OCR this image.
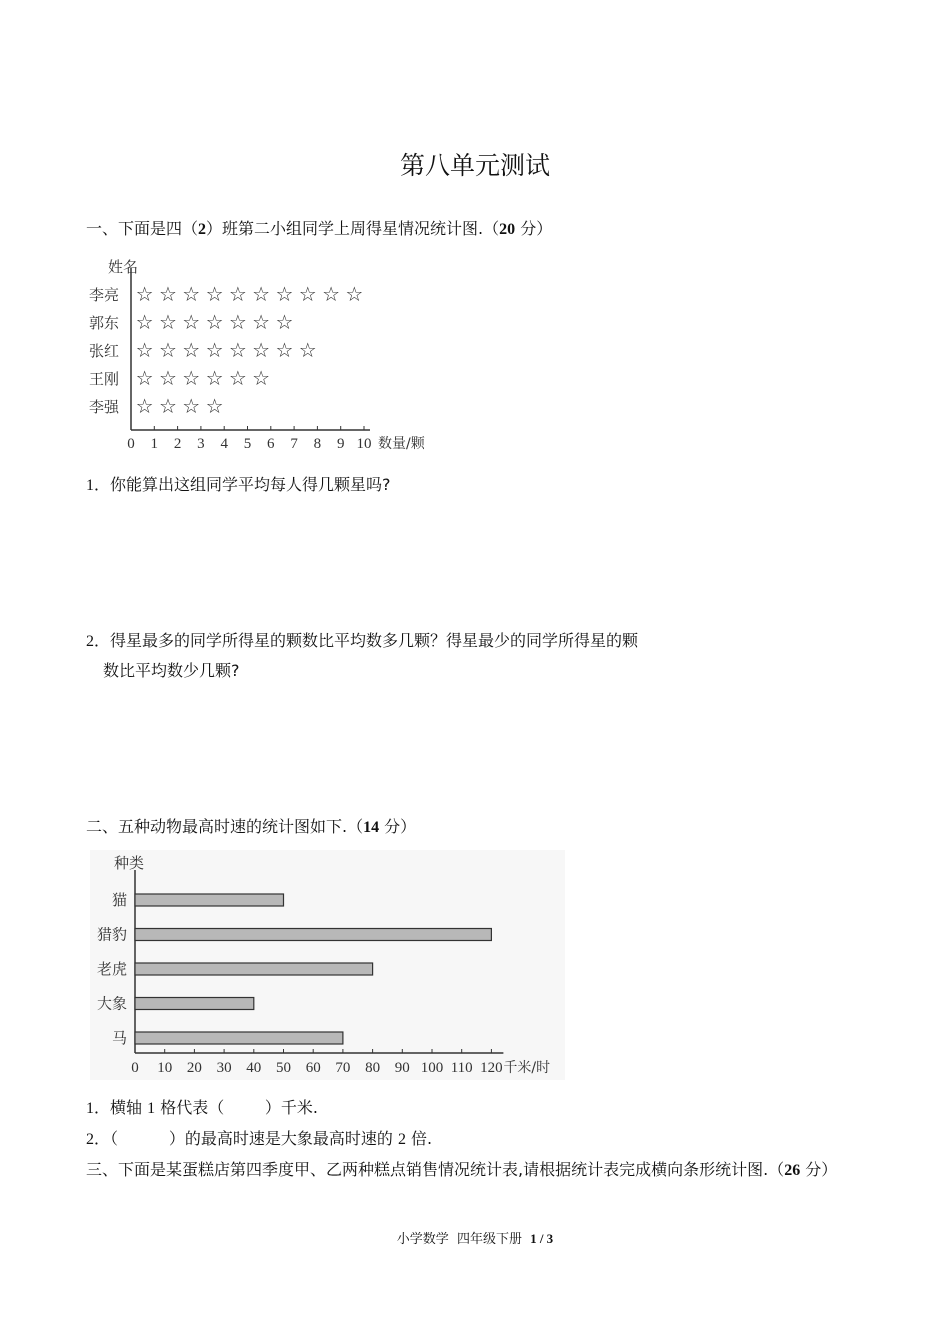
第八单元测试
一、下面是四（2）班第二小组同学上周得星情况统计图.（20 分）
姓名
0 1 2 3 4 5 6 7 8 9 10 数量/颗
李亮 ☆ ☆ ☆ ☆ ☆ ☆ ☆ ☆ ☆ ☆
郭东 ☆ ☆ ☆ ☆ ☆ ☆ ☆
张红 ☆ ☆ ☆ ☆ ☆ ☆ ☆ ☆
王刚 ☆ ☆ ☆ ☆ ☆ ☆
李强 ☆ ☆ ☆ ☆
1．你能算出这组同学平均每人得几颗星吗?
2．得星最多的同学所得星的颗数比平均数多几颗？得星最少的同学所得星的颗
数比平均数少几颗?
二、五种动物最高时速的统计图如下.（14 分）
种类
0 10 20 30 40 50 60 70 80 90 100 110 120 千米/时
猫
猎豹
老虎
大象
马
1．横轴 1 格代表（        ）千米.
2．（          ）的最高时速是大象最高时速的 2 倍.
三、下面是某蛋糕店第四季度甲、乙两种糕点销售情况统计表,请根据统计表完成横向条形统计图.（26 分）
小学数学  四年级下册 1 / 3
